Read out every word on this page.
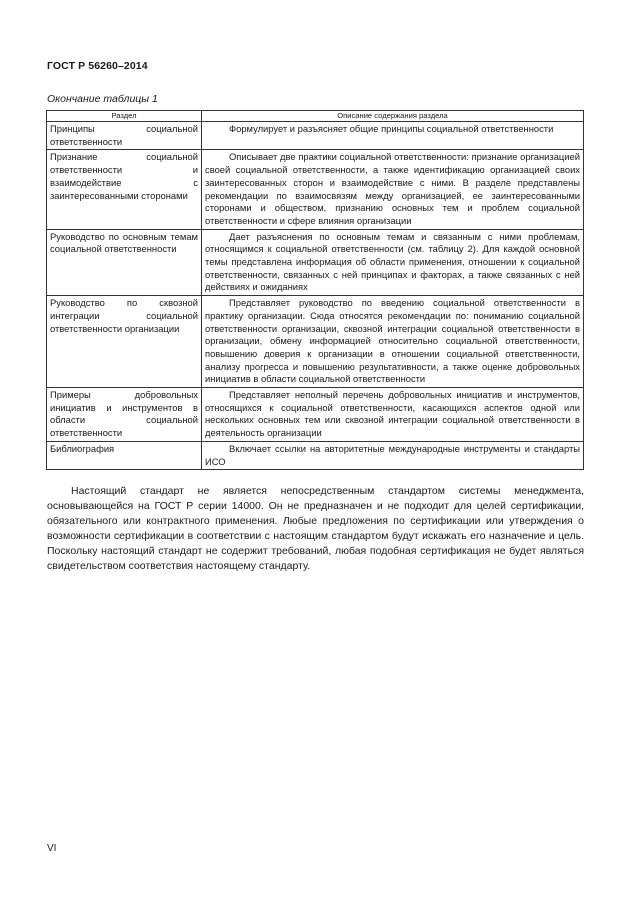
ГОСТ Р 56260–2014
Окончание таблицы 1
Раздел	Описание содержания раздела
Принципы социальной ответственности	Формулирует и разъясняет общие принципы социальной ответственности
Признание социальной ответственности и взаимодействие с заинтересованными сторонами	Описывает две практики социальной ответственности: признание организацией своей социальной ответственности, а также идентификацию организацией своих заинтересованных сторон и взаимодействие с ними. В разделе представлены рекомендации по взаимосвязям между организацией, ее заинтересованными сторонами и обществом, признанию основных тем и проблем социальной ответственности и сфере влияния организации
Руководство по основным темам социальной ответственности	Дает разъяснения по основным темам и связанным с ними проблемам, относящимся к социальной ответственности (см. таблицу 2). Для каждой основной темы представлена информация об области применения, отношении к социальной ответственности, связанных с ней принципах и факторах, а также связанных с ней действиях и ожиданиях
Руководство по сквозной интеграции социальной ответственности организации	Представляет руководство по введению социальной ответственности в практику организации. Сюда относятся рекомендации по: пониманию социальной ответственности организации, сквозной интеграции социальной ответственности в организации, обмену информацией относительно социальной ответственности, повышению доверия к организации в отношении социальной ответственности, анализу прогресса и повышению результативности, а также оценке добровольных инициатив в области социальной ответственности
Примеры добровольных инициатив и инструментов в области социальной ответственности	Представляет неполный перечень добровольных инициатив и инструментов, относящихся к социальной ответственности, касающихся аспектов одной или нескольких основных тем или сквозной интеграции социальной ответственности в деятельность организации
Библиография	Включает ссылки на авторитетные международные инструменты и стандарты ИСО
Настоящий стандарт не является непосредственным стандартом системы менеджмента, основывающейся на ГОСТ Р серии 14000. Он не предназначен и не подходит для целей сертификации, обязательного или контрактного применения. Любые предложения по сертификации или утверждения о возможности сертификации в соответствии с настоящим стандартом будут искажать его назначение и цель. Поскольку настоящий стандарт не содержит требований, любая подобная сертификация не будет являться свидетельством соответствия настоящему стандарту.
VI
